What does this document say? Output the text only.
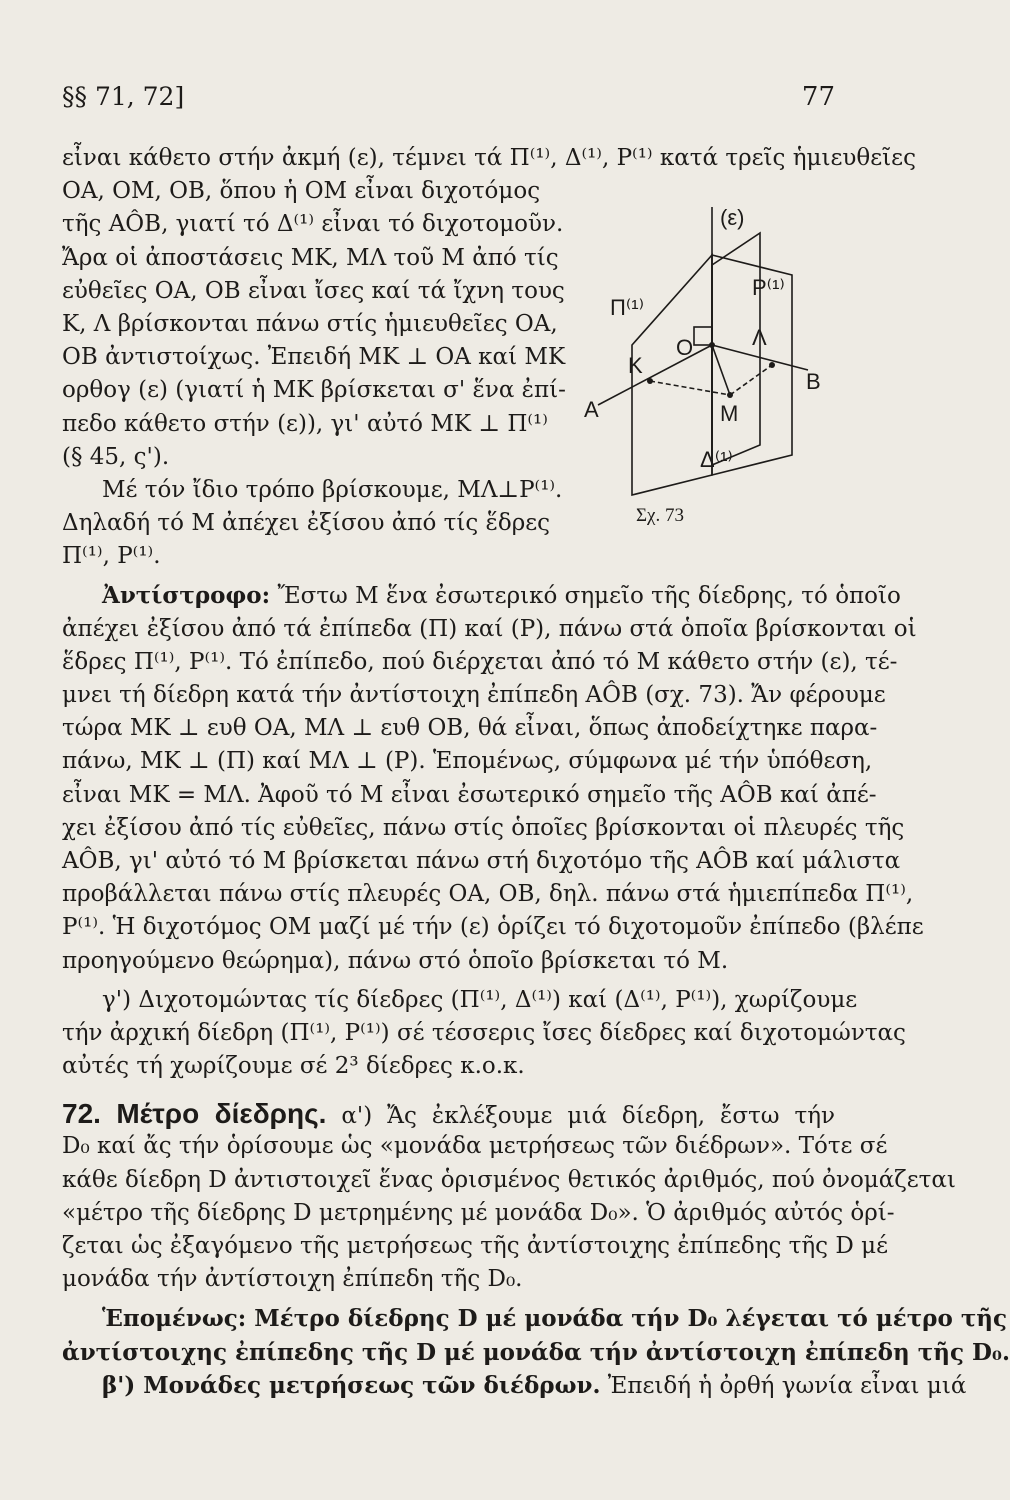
§§ 71, 72]	77
(ε)
Π⁽¹⁾
Ρ⁽¹⁾
Δ⁽¹⁾
K
Λ
B
M
A
O
Σχ. 73
εἶναι κάθετο στήν ἀκμή (ε), τέμνει τά Π⁽¹⁾, Δ⁽¹⁾, Ρ⁽¹⁾ κατά τρεῖς ἡμιευθεῖες
OA, OM, OB, ὅπου ἡ OM εἶναι διχοτόμος
τῆς AÔB, γιατί τό Δ⁽¹⁾ εἶναι τό διχοτομοῦν.
Ἄρα οἱ ἀποστάσεις MK, MΛ τοῦ M ἀπό τίς
εὐθεῖες OA, OB εἶναι ἴσες καί τά ἴχνη τους
K, Λ βρίσκονται πάνω στίς ἡμιευθεῖες OA,
OB ἀντιστοίχως. Ἐπειδή MK ⊥ OA καί MK
ορθογ (ε) (γιατί ἡ MK βρίσκεται σ' ἕνα ἐπί-
πεδο κάθετο στήν (ε)), γι' αὐτό MK ⊥ Π⁽¹⁾
(§ 45, ς').
Μέ τόν ἴδιο τρόπο βρίσκουμε, MΛ⊥Ρ⁽¹⁾.
Δηλαδή τό M ἀπέχει ἐξίσου ἀπό τίς ἕδρες
Π⁽¹⁾, Ρ⁽¹⁾.
Ἀντίστροφο: Ἔστω M ἕνα ἐσωτερικό σημεῖο τῆς δίεδρης, τό ὁποῖο
ἀπέχει ἐξίσου ἀπό τά ἐπίπεδα (Π) καί (Ρ), πάνω στά ὁποῖα βρίσκονται οἱ
ἕδρες Π⁽¹⁾, Ρ⁽¹⁾. Τό ἐπίπεδο, πού διέρχεται ἀπό τό M κάθετο στήν (ε), τέ-
μνει τή δίεδρη κατά τήν ἀντίστοιχη ἐπίπεδη AÔB (σχ. 73). Ἄν φέρουμε
τώρα MK ⊥ ευθ OA, MΛ ⊥ ευθ OB, θά εἶναι, ὅπως ἀποδείχτηκε παρα-
πάνω, MK ⊥ (Π) καί MΛ ⊥ (Ρ). Ἑπομένως, σύμφωνα μέ τήν ὑπόθεση,
εἶναι MK = MΛ. Ἀφοῦ τό M εἶναι ἐσωτερικό σημεῖο τῆς AÔB καί ἀπέ-
χει ἐξίσου ἀπό τίς εὐθεῖες, πάνω στίς ὁποῖες βρίσκονται οἱ πλευρές τῆς
AÔB, γι' αὐτό τό M βρίσκεται πάνω στή διχοτόμο τῆς AÔB καί μάλιστα
προβάλλεται πάνω στίς πλευρές OA, OB, δηλ. πάνω στά ἡμιεπίπεδα Π⁽¹⁾,
Ρ⁽¹⁾. Ἡ διχοτόμος OM μαζί μέ τήν (ε) ὁρίζει τό διχοτομοῦν ἐπίπεδο (βλέπε
προηγούμενο θεώρημα), πάνω στό ὁποῖο βρίσκεται τό M.
γ') Διχοτομώντας τίς δίεδρες (Π⁽¹⁾, Δ⁽¹⁾) καί (Δ⁽¹⁾, Ρ⁽¹⁾), χωρίζουμε
τήν ἀρχική δίεδρη (Π⁽¹⁾, Ρ⁽¹⁾) σέ τέσσερις ἴσες δίεδρες καί διχοτομώντας
αὐτές τή χωρίζουμε σέ 2³ δίεδρες κ.ο.κ.
72. Μέτρο δίεδρης. α') Ἄς ἐκλέξουμε μιά δίεδρη, ἔστω τήν
D₀ καί ἄς τήν ὁρίσουμε ὡς «μονάδα μετρήσεως τῶν διέδρων». Τότε σέ
κάθε δίεδρη D ἀντιστοιχεῖ ἕνας ὁρισμένος θετικός ἀριθμός, πού ὀνομάζεται
«μέτρο τῆς δίεδρης D μετρημένης μέ μονάδα D₀». Ὁ ἀριθμός αὐτός ὁρί-
ζεται ὡς ἐξαγόμενο τῆς μετρήσεως τῆς ἀντίστοιχης ἐπίπεδης τῆς D μέ
μονάδα τήν ἀντίστοιχη ἐπίπεδη τῆς D₀.
Ἑπομένως: Μέτρο δίεδρης D μέ μονάδα τήν D₀ λέγεται τό μέτρο τῆς
ἀντίστοιχης ἐπίπεδης τῆς D μέ μονάδα τήν ἀντίστοιχη ἐπίπεδη τῆς D₀.
β') Μονάδες μετρήσεως τῶν διέδρων. Ἐπειδή ἡ ὀρθή γωνία εἶναι μιά
